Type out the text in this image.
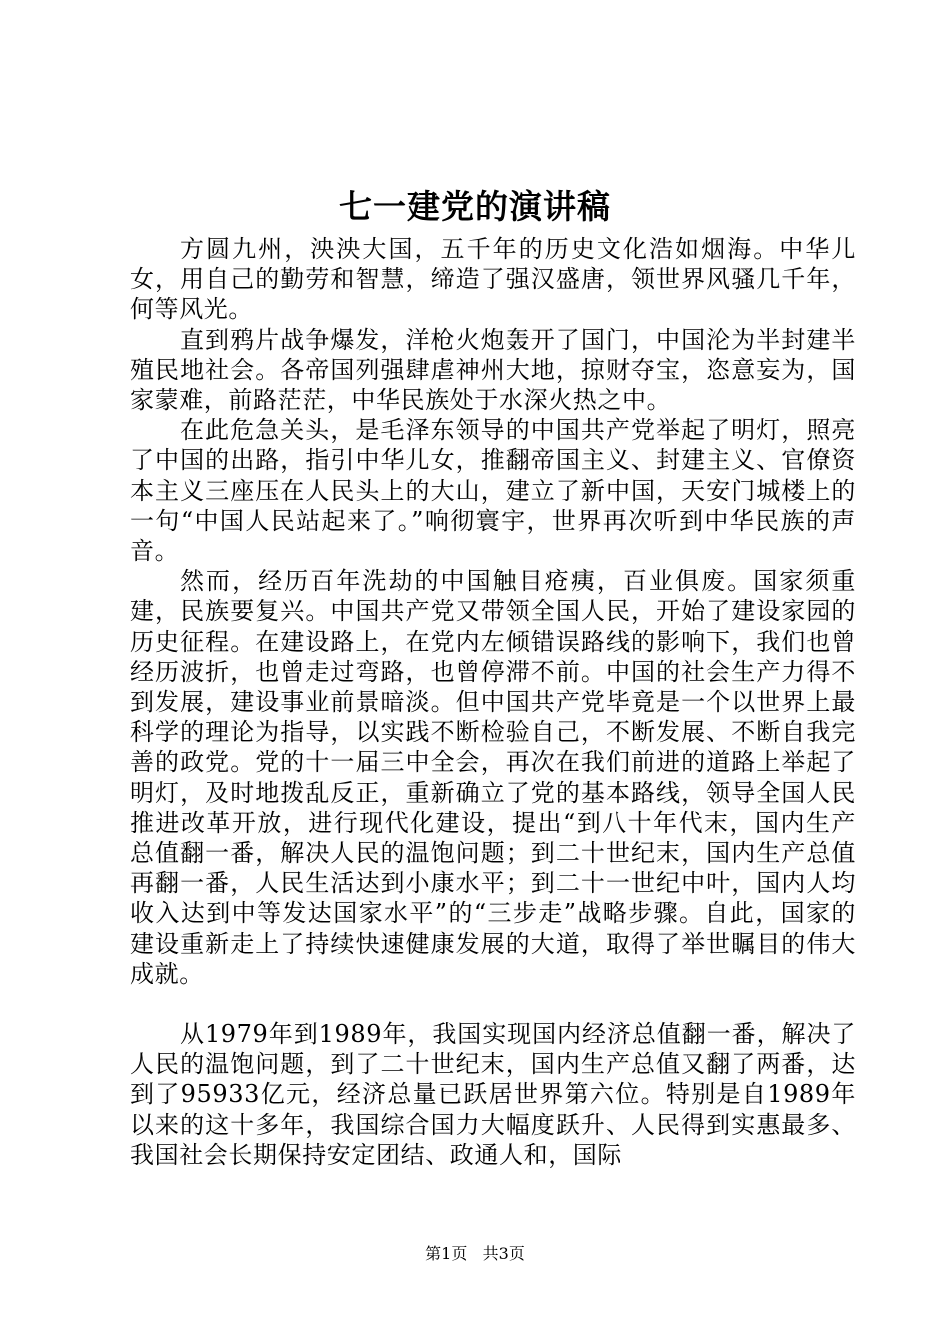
七一建党的演讲稿

方圆九州，泱泱大国，五千年的历史文化浩如烟海。中华儿女，用自己的勤劳和智慧，缔造了强汉盛唐，领世界风骚几千年，何等风光。

直到鸦片战争爆发，洋枪火炮轰开了国门，中国沦为半封建半殖民地社会。各帝国列强肆虐神州大地，掠财夺宝，恣意妄为，国家蒙难，前路茫茫，中华民族处于水深火热之中。

在此危急关头，是毛泽东领导的中国共产党举起了明灯，照亮了中国的出路，指引中华儿女，推翻帝国主义、封建主义、官僚资本主义三座压在人民头上的大山，建立了新中国，天安门城楼上的一句“中国人民站起来了。”响彻寰宇，世界再次听到中华民族的声音。

然而，经历百年洗劫的中国触目疮痍，百业俱废。国家须重建，民族要复兴。中国共产党又带领全国人民，开始了建设家园的历史征程。在建设路上，在党内左倾错误路线的影响下，我们也曾经历波折，也曾走过弯路，也曾停滞不前。中国的社会生产力得不到发展，建设事业前景暗淡。但中国共产党毕竟是一个以世界上最科学的理论为指导，以实践不断检验自己，不断发展、不断自我完善的政党。党的十一届三中全会，再次在我们前进的道路上举起了明灯，及时地拨乱反正，重新确立了党的基本路线，领导全国人民推进改革开放，进行现代化建设，提出“到八十年代末，国内生产总值翻一番，解决人民的温饱问题；到二十世纪末，国内生产总值再翻一番，人民生活达到小康水平；到二十一世纪中叶，国内人均收入达到中等发达国家水平”的“三步走”战略步骤。自此，国家的建设重新走上了持续快速健康发展的大道，取得了举世瞩目的伟大成就。

从1979年到1989年，我国实现国内经济总值翻一番，解决了人民的温饱问题，到了二十世纪末，国内生产总值又翻了两番，达到了95933亿元，经济总量已跃居世界第六位。特别是自1989年以来的这十多年，我国综合国力大幅度跃升、人民得到实惠最多、我国社会长期保持安定团结、政通人和，国际

第1页 共3页
